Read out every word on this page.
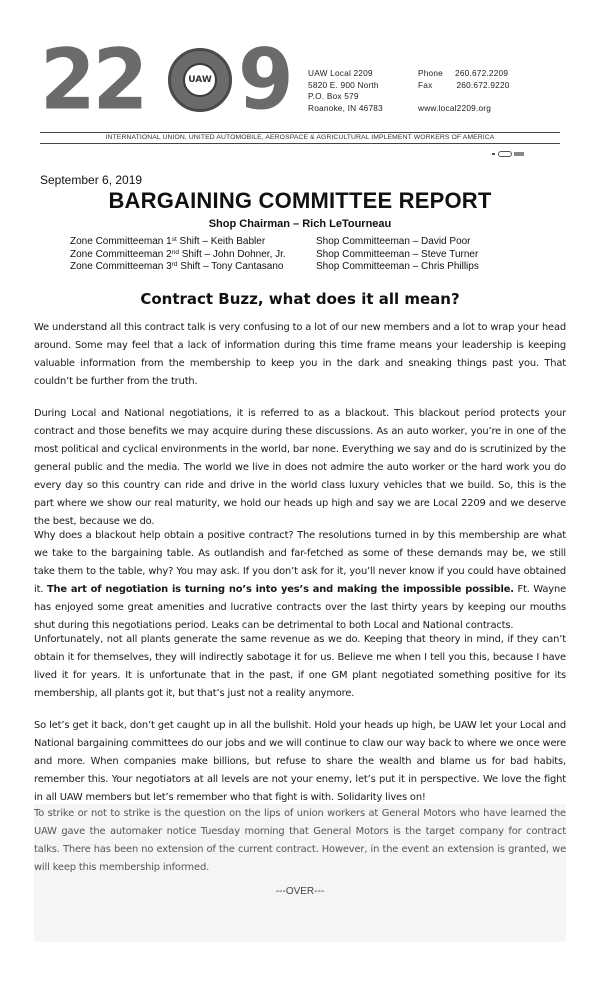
22	UAW 9 UAW Local 2209
5820 E. 900 North
P.O. Box 579
Roanoke, IN 46783
Phone 260.672.2209
Fax	260.672.9220
www.local2209.org
INTERNATIONAL UNION, UNITED AUTOMOBILE, AEROSPACE & AGRICULTURAL IMPLEMENT WORKERS OF AMERICA
September 6, 2019
BARGAINING COMMITTEE REPORT
Shop Chairman – Rich LeTourneau
Zone Committeeman 1st Shift – Keith Babler
Zone Committeeman 2nd Shift – John Dohner, Jr.
Zone Committeeman 3rd Shift – Tony Cantasano
Shop Committeeman – David Poor
Shop Committeeman – Steve Turner
Shop Committeeman – Chris Phillips
Contract Buzz, what does it all mean?

We understand all this contract talk is very confusing to a lot of our new members and a lot to wrap your head around. Some may feel that a lack of information during this time frame means your leadership is keeping valuable information from the membership to keep you in the dark and sneaking things past you. That couldn’t be further from the truth.

During Local and National negotiations, it is referred to as a blackout. This blackout period protects your contract and those benefits we may acquire during these discussions. As an auto worker, you’re in one of the most political and cyclical environments in the world, bar none. Everything we say and do is scrutinized by the general public and the media. The world we live in does not admire the auto worker or the hard work you do every day so this country can ride and drive in the world class luxury vehicles that we build. So, this is the part where we show our real maturity, we hold our heads up high and say we are Local 2209 and we deserve the best, because we do.

Why does a blackout help obtain a positive contract? The resolutions turned in by this membership are what we take to the bargaining table. As outlandish and far-fetched as some of these demands may be, we still take them to the table, why? You may ask. If you don’t ask for it, you’ll never know if you could have obtained it. The art of negotiation is turning no’s into yes’s and making the impossible possible. Ft. Wayne has enjoyed some great amenities and lucrative contracts over the last thirty years by keeping our mouths shut during this negotiations period. Leaks can be detrimental to both Local and National contracts.

Unfortunately, not all plants generate the same revenue as we do. Keeping that theory in mind, if they can’t obtain it for themselves, they will indirectly sabotage it for us. Believe me when I tell you this, because I have lived it for years. It is unfortunate that in the past, if one GM plant negotiated something positive for its membership, all plants got it, but that’s just not a reality anymore.

So let’s get it back, don’t get caught up in all the bullshit. Hold your heads up high, be UAW let your Local and National bargaining committees do our jobs and we will continue to claw our way back to where we once were and more. When companies make billions, but refuse to share the wealth and blame us for bad habits, remember this. Your negotiators at all levels are not your enemy, let’s put it in perspective. We love the fight in all UAW members but let’s remember who that fight is with. Solidarity lives on!

To strike or not to strike is the question on the lips of union workers at General Motors who have learned the UAW gave the automaker notice Tuesday morning that General Motors is the target company for contract talks. There has been no extension of the current contract. However, in the event an extension is granted, we will keep this membership informed.

---OVER---
